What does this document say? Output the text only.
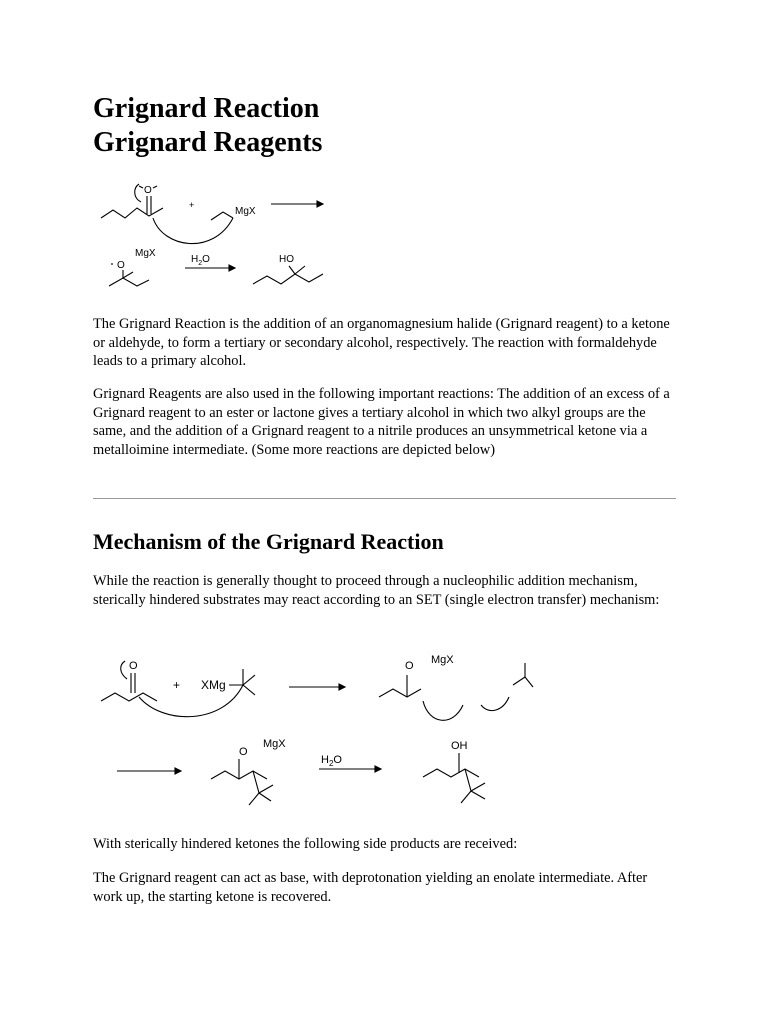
Grignard Reaction
Grignard Reagents
O
+
MgX
O
MgX
$H_2O$	HO

The Grignard Reaction is the addition of an organomagnesium halide (Grignard reagent) to a ketone or aldehyde, to form a tertiary or secondary alcohol, respectively. The reaction with formaldehyde leads to a primary alcohol.

Grignard Reagents are also used in the following important reactions: The addition of an excess of a Grignard reagent to an ester or lactone gives a tertiary alcohol in which two alkyl groups are the same, and the addition of a Grignard reagent to a nitrile produces an unsymmetrical ketone via a metalloimine intermediate. (Some more reactions are depicted below)

Mechanism of the Grignard Reaction

While the reaction is generally thought to proceed through a nucleophilic addition mechanism, sterically hindered substrates may react according to an SET (single electron transfer) mechanism:

O
+ XMg
O MgX
O
MgX
$H_2O$
OH

With sterically hindered ketones the following side products are received:

The Grignard reagent can act as base, with deprotonation yielding an enolate intermediate. After work up, the starting ketone is recovered.
